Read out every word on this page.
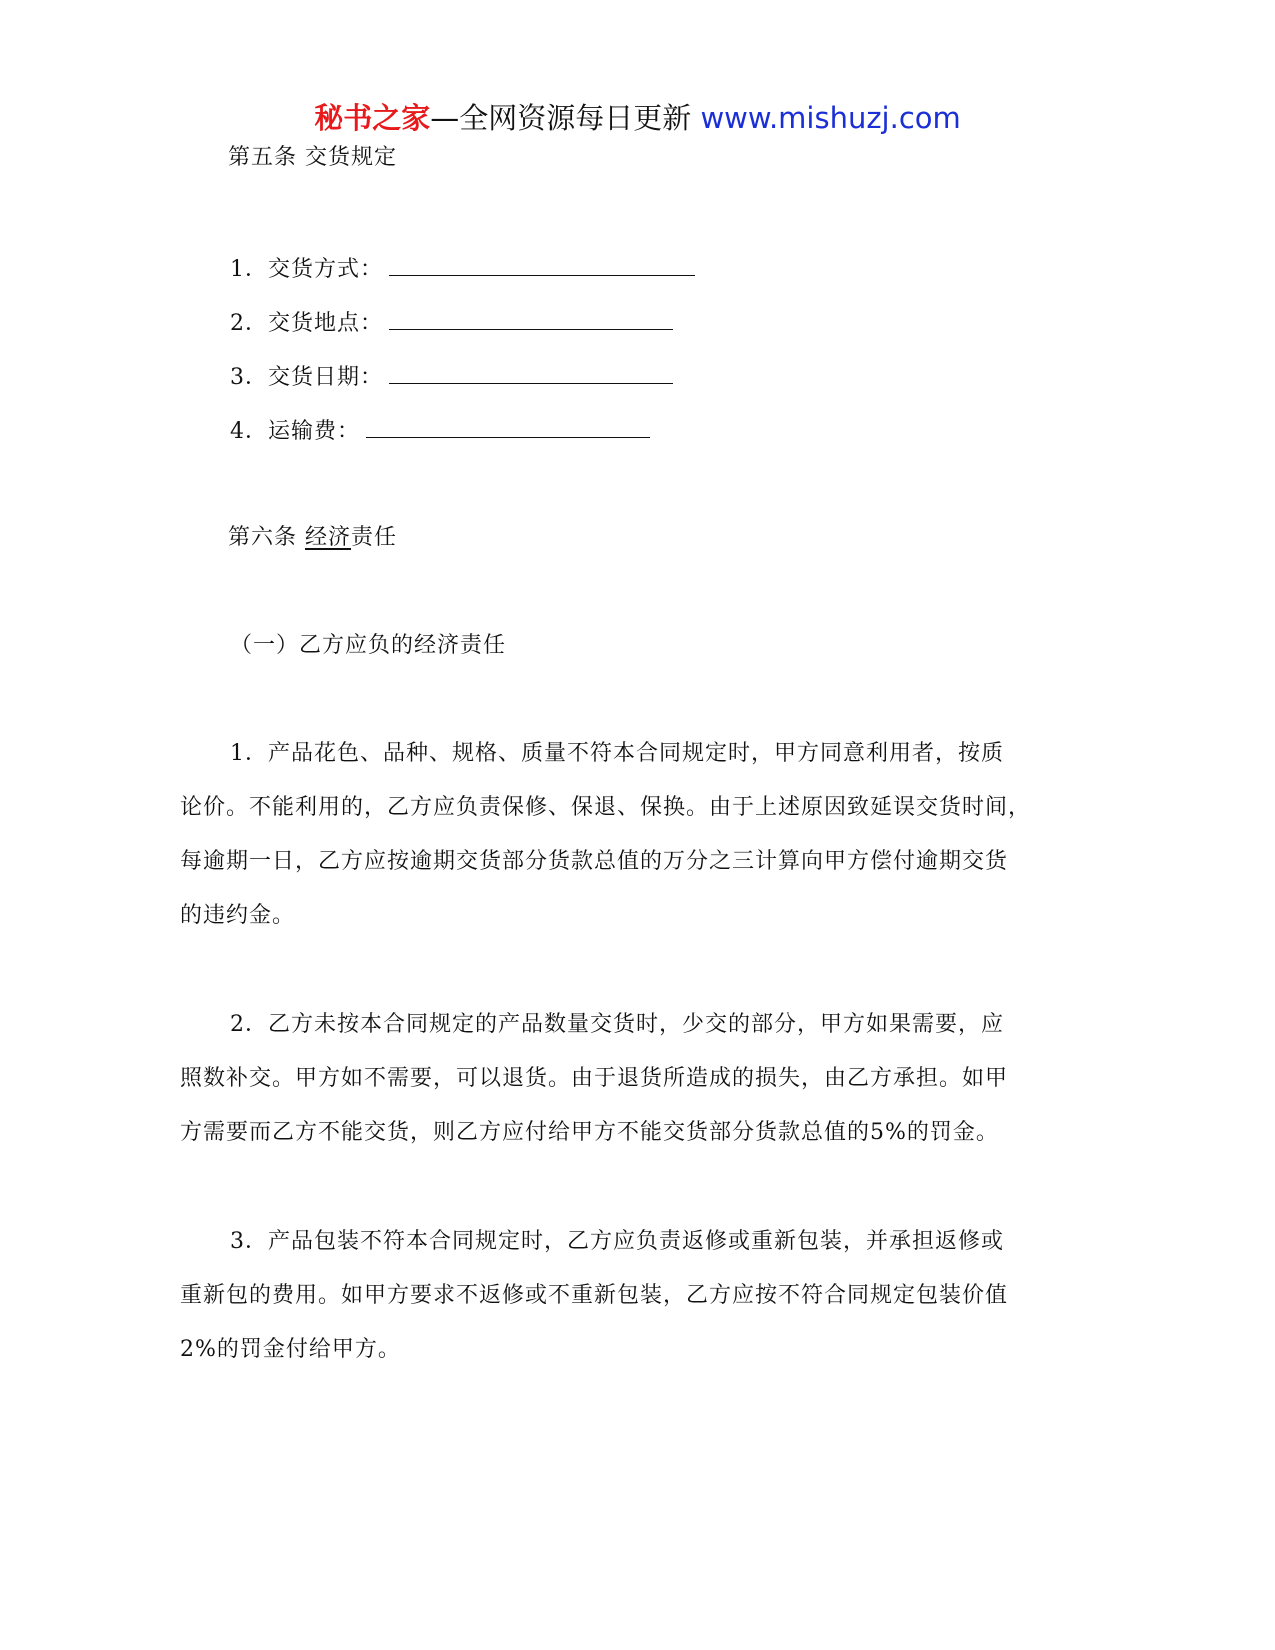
秘书之家—全网资源每日更新 www.mishuzj.com
第五条 交货规定
1．交货方式：
2．交货地点：
3．交货日期：
4．运输费：
第六条 经济责任
（一）乙方应负的经济责任
1．产品花色、品种、规格、质量不符本合同规定时，甲方同意利用者，按质
论价。不能利用的，乙方应负责保修、保退、保换。由于上述原因致延误交货时间，
每逾期一日，乙方应按逾期交货部分货款总值的万分之三计算向甲方偿付逾期交货
的违约金。
2．乙方未按本合同规定的产品数量交货时，少交的部分，甲方如果需要，应
照数补交。甲方如不需要，可以退货。由于退货所造成的损失，由乙方承担。如甲
方需要而乙方不能交货，则乙方应付给甲方不能交货部分货款总值的5%的罚金。
3．产品包装不符本合同规定时，乙方应负责返修或重新包装，并承担返修或
重新包的费用。如甲方要求不返修或不重新包装，乙方应按不符合同规定包装价值
2%的罚金付给甲方。
